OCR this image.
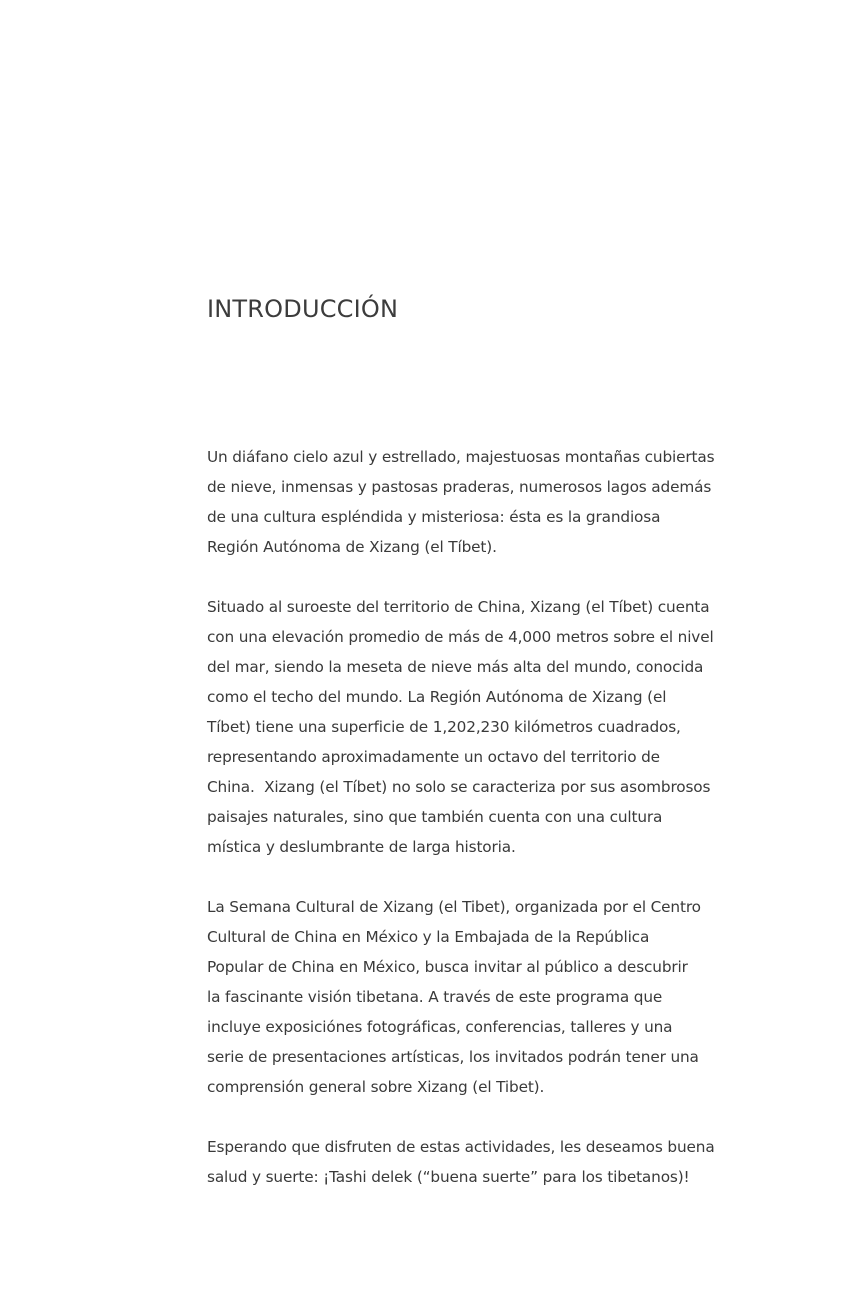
INTRODUCCIÓN

Un diáfano cielo azul y estrellado, majestuosas montañas cubiertas
de nieve, inmensas y pastosas praderas, numerosos lagos además
de una cultura espléndida y misteriosa: ésta es la grandiosa
Región Autónoma de Xizang (el Tíbet).

Situado al suroeste del territorio de China, Xizang (el Tíbet) cuenta
con una elevación promedio de más de 4,000 metros sobre el nivel
del mar, siendo la meseta de nieve más alta del mundo, conocida
como el techo del mundo. La Región Autónoma de Xizang (el
Tíbet) tiene una superficie de 1,202,230 kilómetros cuadrados,
representando aproximadamente un octavo del territorio de
China.  Xizang (el Tíbet) no solo se caracteriza por sus asombrosos
paisajes naturales, sino que también cuenta con una cultura
mística y deslumbrante de larga historia.

La Semana Cultural de Xizang (el Tibet), organizada por el Centro
Cultural de China en México y la Embajada de la República
Popular de China en México, busca invitar al público a descubrir
la fascinante visión tibetana. A través de este programa que
incluye exposiciónes fotográficas, conferencias, talleres y una
serie de presentaciones artísticas, los invitados podrán tener una
comprensión general sobre Xizang (el Tibet).

Esperando que disfruten de estas actividades, les deseamos buena
salud y suerte: ¡Tashi delek (“buena suerte” para los tibetanos)!
